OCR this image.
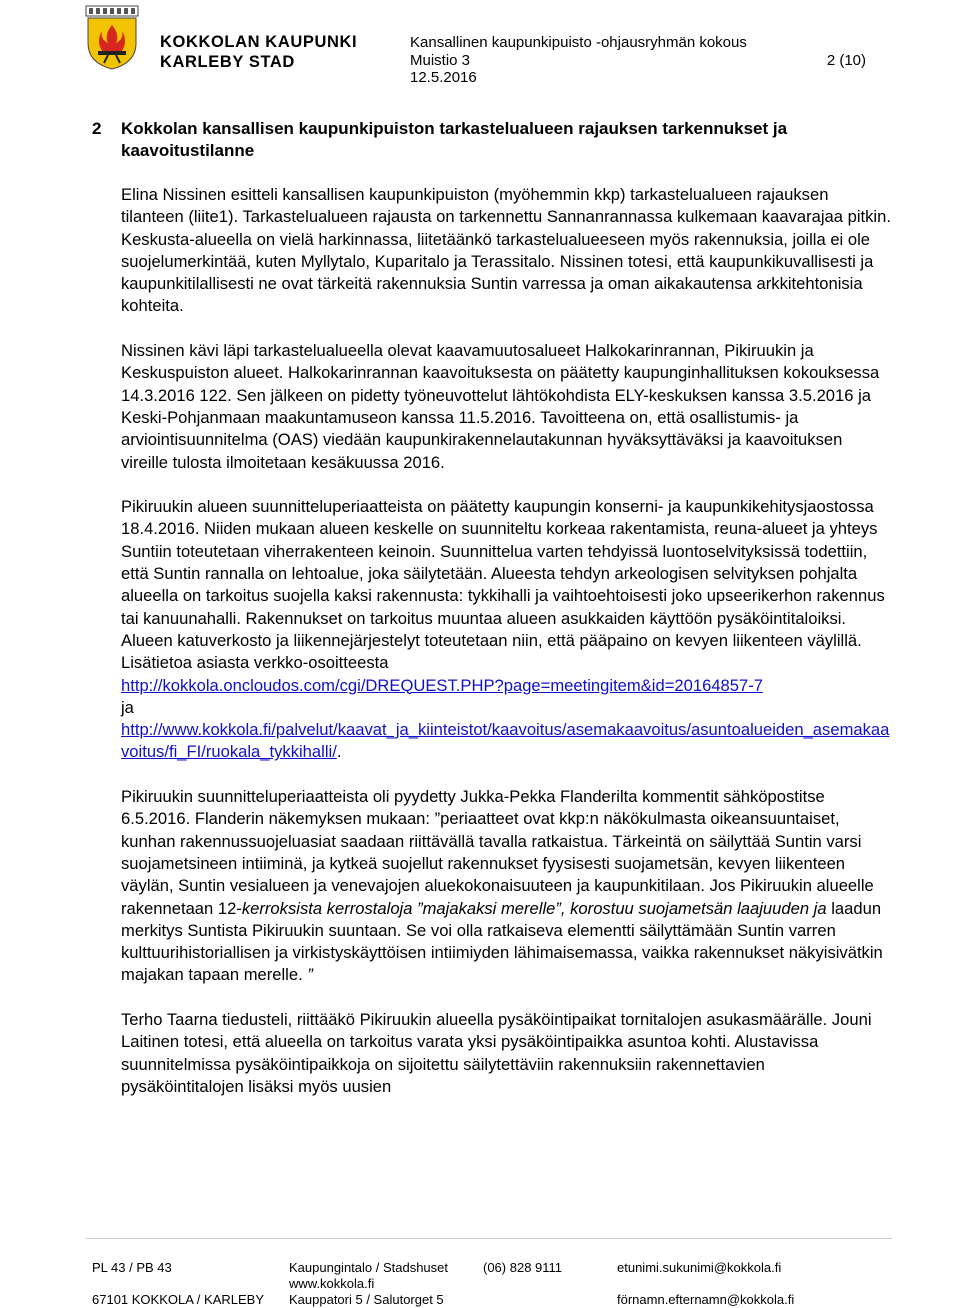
KOKKOLAN KAUPUNKI
KARLEBY STAD
Kansallinen kaupunkipuisto -ohjausryhmän kokous
Muistio 3
12.5.2016
2 (10)
2 Kokkolan kansallisen kaupunkipuiston tarkastelualueen rajauksen tarkennukset ja kaavoitustilanne

Elina Nissinen esitteli kansallisen kaupunkipuiston (myöhemmin kkp) tarkastelualueen rajauksen tilanteen (liite1). Tarkastelualueen rajausta on tarkennettu Sannanrannassa kulkemaan kaavarajaa pitkin. Keskusta-alueella on vielä harkinnassa, liitetäänkö tarkastelualueeseen myös rakennuksia, joilla ei ole suojelumerkintää, kuten Myllytalo, Kuparitalo ja Terassitalo. Nissinen totesi, että kaupunkikuvallisesti ja kaupunkitilallisesti ne ovat tärkeitä rakennuksia Suntin varressa ja oman aikakautensa arkkitehtonisia kohteita.

Nissinen kävi läpi tarkastelualueella olevat kaavamuutosalueet Halkokarinrannan, Pikiruukin ja Keskuspuiston alueet. Halkokarinrannan kaavoituksesta on päätetty kaupunginhallituksen kokouksessa 14.3.2016 122. Sen jälkeen on pidetty työneuvottelut lähtökohdista ELY-keskuksen kanssa 3.5.2016 ja Keski-Pohjanmaan maakuntamuseon kanssa 11.5.2016. Tavoitteena on, että osallistumis- ja arviointisuunnitelma (OAS) viedään kaupunkirakennelautakunnan hyväksyttäväksi ja kaavoituksen vireille tulosta ilmoitetaan kesäkuussa 2016.

Pikiruukin alueen suunnitteluperiaatteista on päätetty kaupungin konserni- ja kaupunkikehitysjaostossa 18.4.2016. Niiden mukaan alueen keskelle on suunniteltu korkeaa rakentamista, reuna-alueet ja yhteys Suntiin toteutetaan viherrakenteen keinoin. Suunnittelua varten tehdyissä luontoselvityksissä todettiin, että Suntin rannalla on lehtoalue, joka säilytetään. Alueesta tehdyn arkeologisen selvityksen pohjalta alueella on tarkoitus suojella kaksi rakennusta: tykkihalli ja vaihtoehtoisesti joko upseerikerhon rakennus tai kanuunahalli. Rakennukset on tarkoitus muuntaa alueen asukkaiden käyttöön pysäköintitaloiksi. Alueen katuverkosto ja liikennejärjestelyt toteutetaan niin, että pääpaino on kevyen liikenteen väylillä. Lisätietoa asiasta verkko-osoitteesta

http://kokkola.oncloudos.com/cgi/DREQUEST.PHP?page=meetingitem&id=20164857-7
ja

http://www.kokkola.fi/palvelut/kaavat_ja_kiinteistot/kaavoitus/asemakaavoitus/asuntoalueiden_asemakaavoitus/fi_FI/ruokala_tykkihalli/.

Pikiruukin suunnitteluperiaatteista oli pyydetty Jukka-Pekka Flanderilta kommentit sähköpostitse 6.5.2016. Flanderin näkemyksen mukaan: ”periaatteet ovat kkp:n näkökulmasta oikeansuuntaiset, kunhan rakennussuojeluasiat saadaan riittävällä tavalla ratkaistua. Tärkeintä on säilyttää Suntin varsi suojametsineen intiiminä, ja kytkeä suojellut rakennukset fyysisesti suojametsän, kevyen liikenteen väylän, Suntin vesialueen ja venevajojen aluekokonaisuuteen ja kaupunkitilaan. Jos Pikiruukin alueelle rakennetaan 12-kerroksista kerrostaloja ”majakaksi merelle”, korostuu suojametsän laajuuden ja laadun merkitys Suntista Pikiruukin suuntaan. Se voi olla ratkaiseva elementti säilyttämään Suntin varren kulttuurihistoriallisen ja virkistyskäyttöisen intiimiyden lähimaisemassa, vaikka rakennukset näkyisivätkin majakan tapaan merelle. ”

Terho Taarna tiedusteli, riittääkö Pikiruukin alueella pysäköintipaikat tornitalojen asukasmäärälle. Jouni Laitinen totesi, että alueella on tarkoitus varata yksi pysäköintipaikka asuntoa kohti. Alustavissa suunnitelmissa pysäköintipaikkoja on sijoitettu säilytettäviin rakennuksiin rakennettavien pysäköintitalojen lisäksi myös uusien

PL 43 / PB 43
67101 KOKKOLA / KARLEBY
Kaupungintalo / Stadshuset
www.kokkola.fi
Kauppatori 5 / Salutorget 5
(06) 828 9111	etunimi.sukunimi@kokkola.fi
förnamn.efternamn@kokkola.fi
